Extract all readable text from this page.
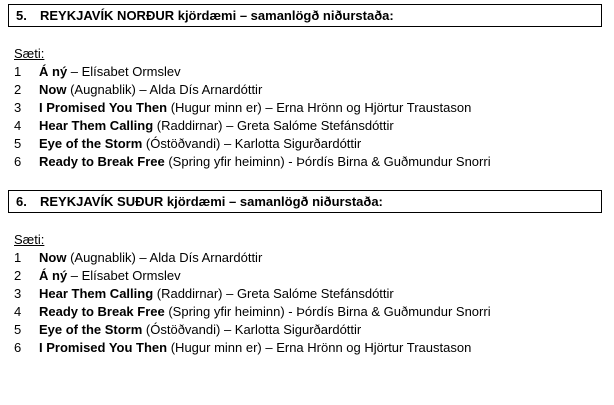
5. REYKJAVÍK NORÐUR kjördæmi – samanlögð niðurstaða:
Sæti:
1 Á ný – Elísabet Ormslev
2 Now (Augnablik) – Alda Dís Arnardóttir
3 I Promised You Then (Hugur minn er) – Erna Hrönn og Hjörtur Traustason
4 Hear Them Calling (Raddirnar) – Greta Salóme Stefánsdóttir
5 Eye of the Storm (Óstöðvandi) – Karlotta Sigurðardóttir
6 Ready to Break Free (Spring yfir heiminn) - Þórdís Birna & Guðmundur Snorri
6. REYKJAVÍK SUÐUR kjördæmi – samanlögð niðurstaða:
Sæti:
1 Now (Augnablik) – Alda Dís Arnardóttir
2 Á ný – Elísabet Ormslev
3 Hear Them Calling (Raddirnar) – Greta Salóme Stefánsdóttir
4 Ready to Break Free (Spring yfir heiminn) - Þórdís Birna & Guðmundur Snorri
5 Eye of the Storm (Óstöðvandi) – Karlotta Sigurðardóttir
6 I Promised You Then (Hugur minn er) – Erna Hrönn og Hjörtur Traustason
